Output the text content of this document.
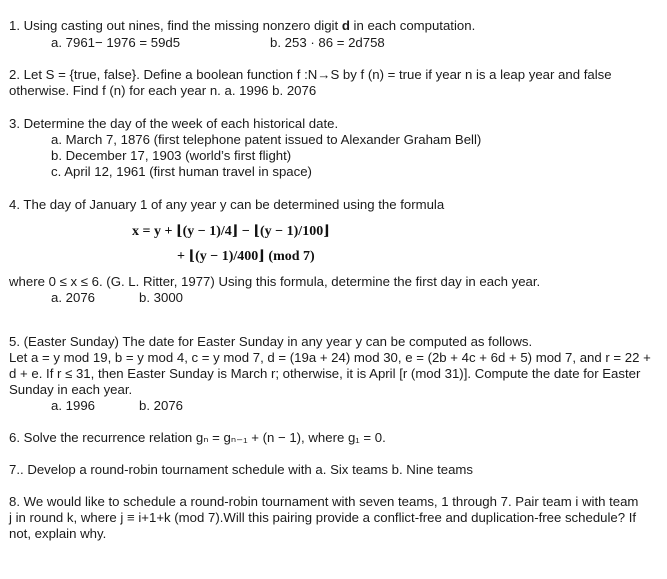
1. Using casting out nines, find the missing nonzero digit d in each computation.
a. 7961− 1976 = 59d5	b. 253 · 86 = 2d758
2. Let S = {true, false}. Define a boolean function f :N→S by f (n) = true if year n is a leap year and false
otherwise. Find f (n) for each year n. a. 1996 b. 2076
3. Determine the day of the week of each historical date.
a. March 7, 1876 (first telephone patent issued to Alexander Graham Bell)
b. December 17, 1903 (world’s first flight)
c. April 12, 1961 (first human travel in space)
4. The day of January 1 of any year y can be determined using the formula
x = y + ⌊(y − 1)/4⌋ − ⌊(y − 1)/100⌋
+ ⌊(y − 1)/400⌋ (mod 7)
where 0 ≤ x ≤ 6. (G. L. Ritter, 1977) Using this formula, determine the first day in each year.
a. 2076	b. 3000
5. (Easter Sunday) The date for Easter Sunday in any year y can be computed as follows.
Let a = y mod 19, b = y mod 4, c = y mod 7, d = (19a + 24) mod 30, e = (2b + 4c + 6d + 5) mod 7, and r = 22 +
d + e. If r ≤ 31, then Easter Sunday is March r; otherwise, it is April [r (mod 31)]. Compute the date for Easter
Sunday in each year.
a. 1996	b. 2076
6. Solve the recurrence relation gₙ = gₙ₋₁ + (n − 1), where g₁ = 0.
7.. Develop a round-robin tournament schedule with a. Six teams b. Nine teams
8. We would like to schedule a round-robin tournament with seven teams, 1 through 7. Pair team i with team
j in round k, where j ≡ i+1+k (mod 7).Will this pairing provide a conflict-free and duplication-free schedule? If
not, explain why.
